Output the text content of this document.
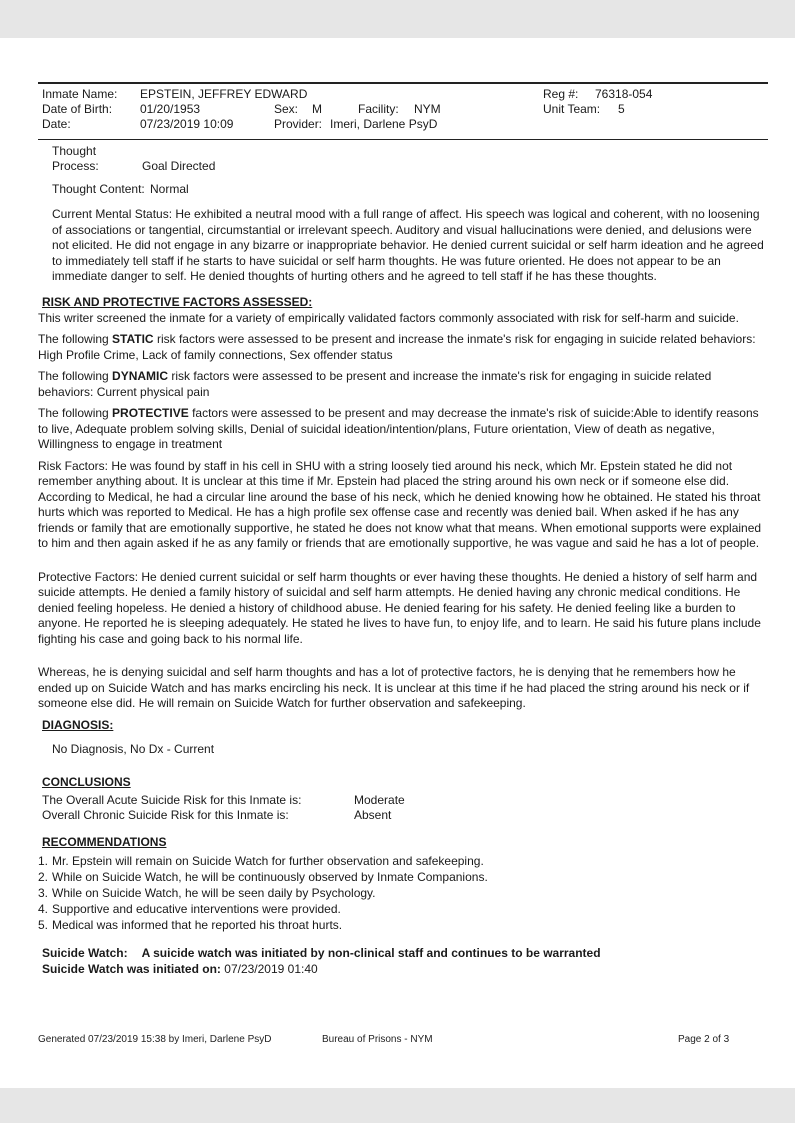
Inmate Name: EPSTEIN, JEFFREY EDWARD	Reg #: 76318-054
Date of Birth: 01/20/1953	Sex: M	Facility: NYM	Unit Team: 5
Date:	07/23/2019 10:09	Provider: Imeri, Darlene PsyD
Thought Process:	Goal Directed
Thought Content: Normal

Current Mental Status: He exhibited a neutral mood with a full range of affect. His speech was logical and coherent, with no loosening of associations or tangential, circumstantial or irrelevant speech. Auditory and visual hallucinations were denied, and delusions were not elicited. He did not engage in any bizarre or inappropriate behavior. He denied current suicidal or self harm ideation and he agreed to immediately tell staff if he starts to have suicidal or self harm thoughts. He was future oriented. He does not appear to be an immediate danger to self. He denied thoughts of hurting others and he agreed to tell staff if he has these thoughts.

RISK AND PROTECTIVE FACTORS ASSESSED:

This writer screened the inmate for a variety of empirically validated factors commonly associated with risk for self-harm and suicide.

The following STATIC risk factors were assessed to be present and increase the inmate's risk for engaging in suicide related behaviors: High Profile Crime, Lack of family connections, Sex offender status

The following DYNAMIC risk factors were assessed to be present and increase the inmate's risk for engaging in suicide related behaviors: Current physical pain

The following PROTECTIVE factors were assessed to be present and may decrease the inmate's risk of suicide:Able to identify reasons to live, Adequate problem solving skills, Denial of suicidal ideation/intention/plans, Future orientation, View of death as negative, Willingness to engage in treatment

Risk Factors: He was found by staff in his cell in SHU with a string loosely tied around his neck, which Mr. Epstein stated he did not remember anything about. It is unclear at this time if Mr. Epstein had placed the string around his own neck or if someone else did. According to Medical, he had a circular line around the base of his neck, which he denied knowing how he obtained. He stated his throat hurts which was reported to Medical. He has a high profile sex offense case and recently was denied bail. When asked if he has any friends or family that are emotionally supportive, he stated he does not know what that means. When emotional supports were explained to him and then again asked if he as any family or friends that are emotionally supportive, he was vague and said he has a lot of people.

Protective Factors: He denied current suicidal or self harm thoughts or ever having these thoughts. He denied a history of self harm and suicide attempts. He denied a family history of suicidal and self harm attempts. He denied having any chronic medical conditions. He denied feeling hopeless. He denied a history of childhood abuse. He denied fearing for his safety. He denied feeling like a burden to anyone. He reported he is sleeping adequately. He stated he lives to have fun, to enjoy life, and to learn. He said his future plans include fighting his case and going back to his normal life.

Whereas, he is denying suicidal and self harm thoughts and has a lot of protective factors, he is denying that he remembers how he ended up on Suicide Watch and has marks encircling his neck. It is unclear at this time if he had placed the string around his neck or if someone else did. He will remain on Suicide Watch for further observation and safekeeping.

DIAGNOSIS:
No Diagnosis, No Dx - Current
CONCLUSIONS
The Overall Acute Suicide Risk for this Inmate is:	Moderate
Overall Chronic Suicide Risk for this Inmate is:	Absent
RECOMMENDATIONS
1. Mr. Epstein will remain on Suicide Watch for further observation and safekeeping.
2. While on Suicide Watch, he will be continuously observed by Inmate Companions.
3. While on Suicide Watch, he will be seen daily by Psychology.
4. Supportive and educative interventions were provided.
5. Medical was informed that he reported his throat hurts.
Suicide Watch: A suicide watch was initiated by non-clinical staff and continues to be warranted
Suicide Watch was initiated on: 07/23/2019 01:40
Generated 07/23/2019 15:38 by Imeri, Darlene PsyD	Bureau of Prisons - NYM	Page 2 of 3
